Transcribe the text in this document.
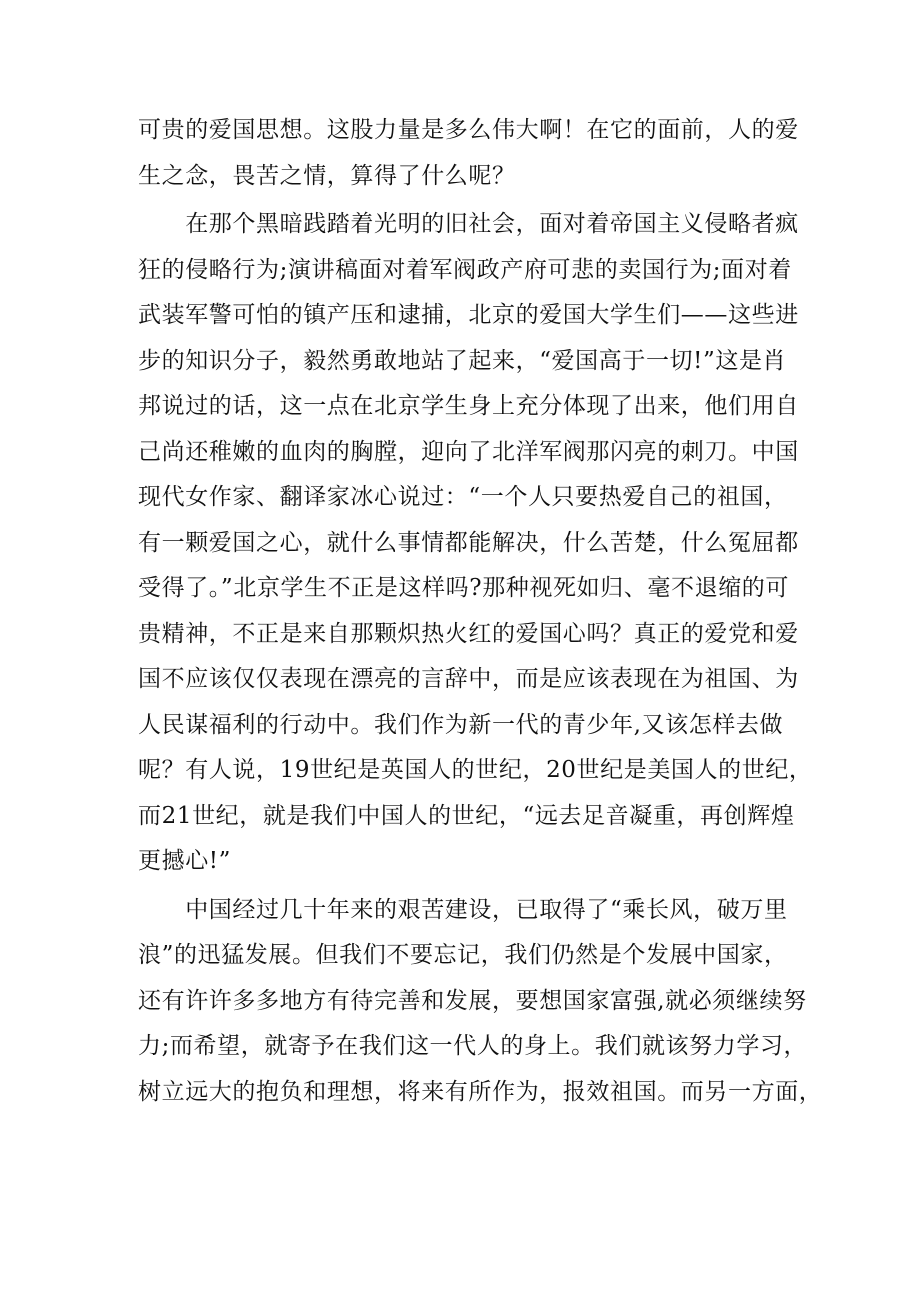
可贵的爱国思想。这股力量是多么伟大啊！在它的面前，人的爱
生之念，畏苦之情，算得了什么呢？
　　在那个黑暗践踏着光明的旧社会，面对着帝国主义侵略者疯
狂的侵略行为;演讲稿面对着军阀政产府可悲的卖国行为;面对着
武装军警可怕的镇产压和逮捕，北京的爱国大学生们——这些进
步的知识分子，毅然勇敢地站了起来，“爱国高于一切!”这是肖
邦说过的话，这一点在北京学生身上充分体现了出来，他们用自
己尚还稚嫩的血肉的胸膛，迎向了北洋军阀那闪亮的刺刀。中国
现代女作家、翻译家冰心说过：“一个人只要热爱自己的祖国，
有一颗爱国之心，就什么事情都能解决，什么苦楚，什么冤屈都
受得了。”北京学生不正是这样吗?那种视死如归、毫不退缩的可
贵精神，不正是来自那颗炽热火红的爱国心吗？真正的爱党和爱
国不应该仅仅表现在漂亮的言辞中，而是应该表现在为祖国、为
人民谋福利的行动中。我们作为新一代的青少年,又该怎样去做
呢？有人说，19世纪是英国人的世纪，20世纪是美国人的世纪，
而21世纪，就是我们中国人的世纪，“远去足音凝重，再创辉煌
更撼心!”
　　中国经过几十年来的艰苦建设，已取得了“乘长风，破万里
浪”的迅猛发展。但我们不要忘记，我们仍然是个发展中国家，
还有许许多多地方有待完善和发展，要想国家富强,就必须继续努
力;而希望，就寄予在我们这一代人的身上。我们就该努力学习，
树立远大的抱负和理想，将来有所作为，报效祖国。而另一方面，
